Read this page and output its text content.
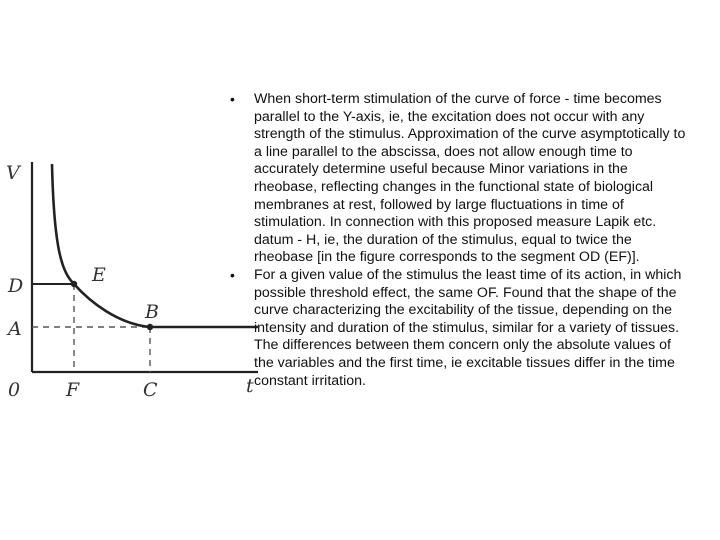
V
D
A
0
E
B
F	C	t
• When short-term stimulation of the curve of force - time becomes parallel to the Y-axis, ie, the excitation does not occur with any strength of the stimulus. Approximation of the curve asymptotically to a line parallel to the abscissa, does not allow enough time to accurately determine useful because Minor variations in the rheobase, reflecting changes in the functional state of biological membranes at rest, followed by large fluctuations in time of stimulation. In connection with this proposed measure Lapik etc. datum - H, ie, the duration of the stimulus, equal to twice the rheobase [in the figure corresponds to the segment OD (EF)].
• For a given value of the stimulus the least time of its action, in which possible threshold effect, the same OF. Found that the shape of the curve characterizing the excitability of the tissue, depending on the intensity and duration of the stimulus, similar for a variety of tissues. The differences between them concern only the absolute values of the variables and the first time, ie excitable tissues differ in the time constant irritation.
